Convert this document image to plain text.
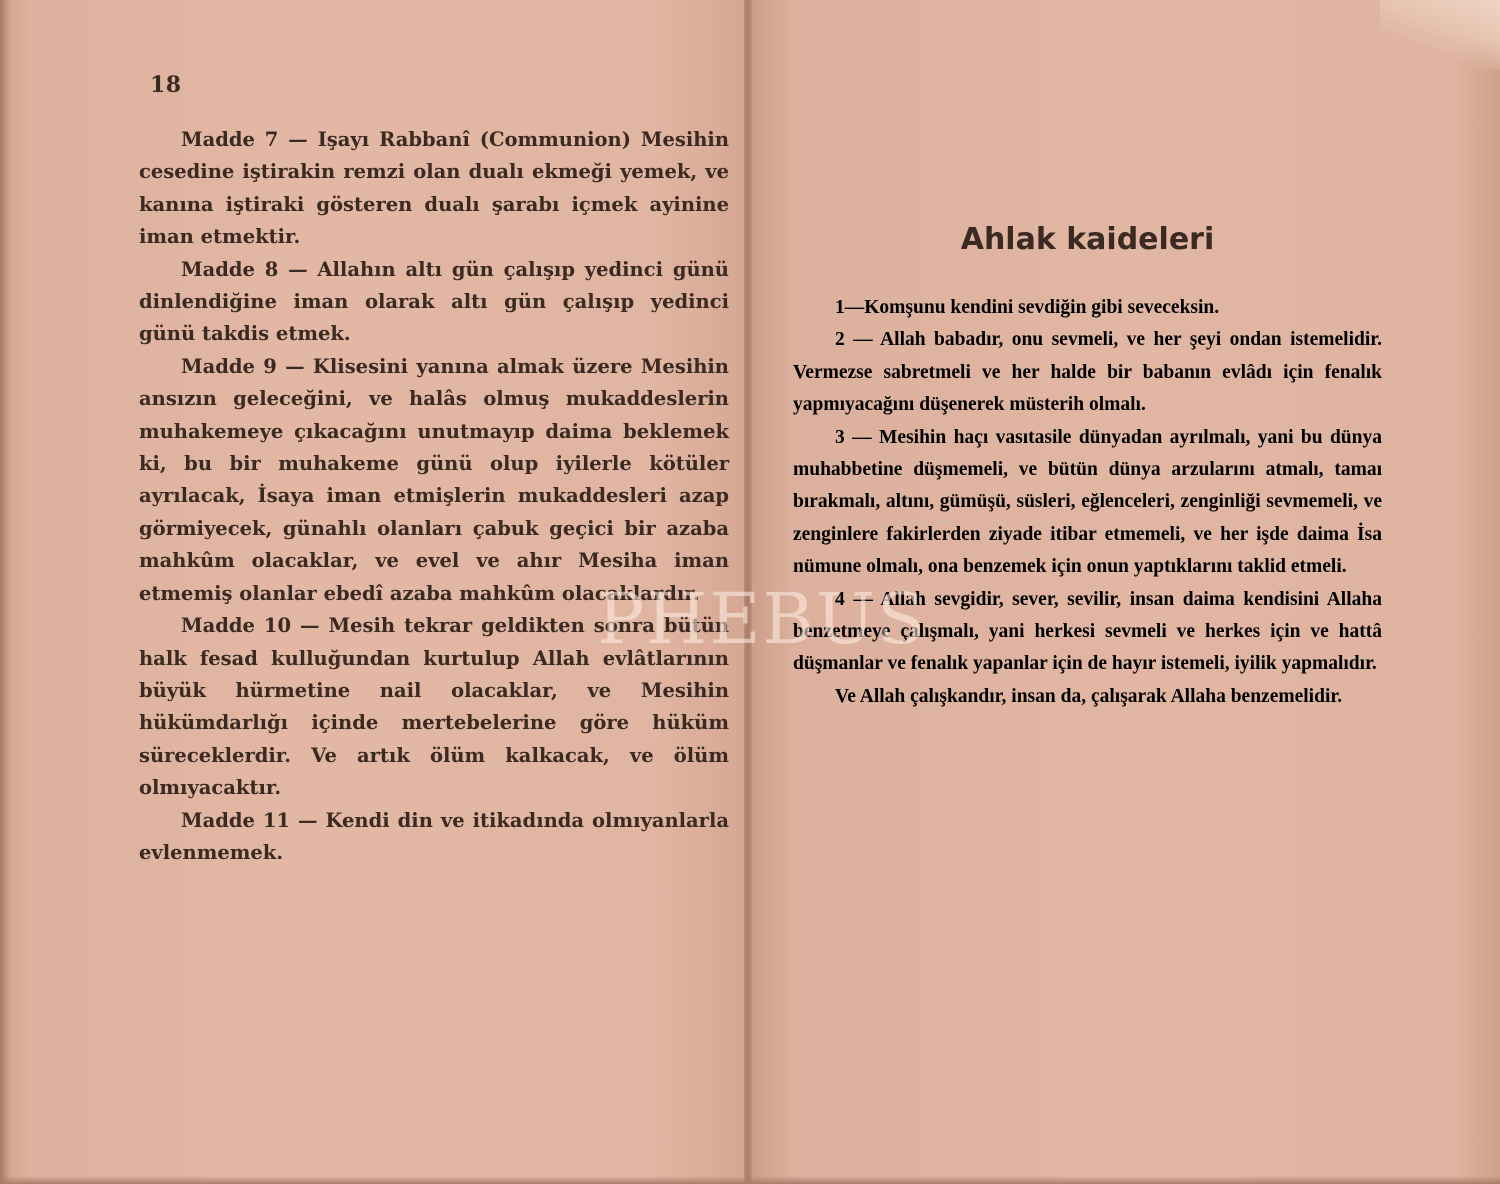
18

Madde 7 — Işayı Rabbanî (Communion) Mesihin cesedine iştirakin remzi olan dualı ekmeği yemek, ve kanına iştiraki gösteren dualı şarabı içmek ayinine iman etmektir.

Madde 8 — Allahın altı gün çalışıp yedinci günü dinlendiğine iman olarak altı gün çalışıp yedinci günü takdis etmek.

Madde 9 — Klisesini yanına almak üzere Mesihin ansızın geleceğini, ve halâs olmuş mukaddeslerin muhakemeye çıkacağını unutmayıp daima beklemek ki, bu bir muhakeme günü olup iyilerle kötüler ayrılacak, İsaya iman etmişlerin mukaddesleri azap görmiyecek, günahlı olanları çabuk geçici bir azaba mahkûm olacaklar, ve evel ve ahır Mesiha iman etmemiş olanlar ebedî azaba mahkûm olacaklardır.

Madde 10 — Mesih tekrar geldikten sonra bütün halk fesad kulluğundan kurtulup Allah evlâtlarının büyük hürmetine nail olacaklar, ve Mesihin hükümdarlığı içinde mertebelerine göre hüküm süreceklerdir. Ve artık ölüm kalkacak, ve ölüm olmıyacaktır.

Madde 11 — Kendi din ve itikadında olmıyanlarla evlenmemek.

Ahlak kaideleri

1—Komşunu kendini sevdiğin gibi seveceksin.

2 — Allah babadır, onu sevmeli, ve her şeyi ondan istemelidir. Vermezse sabretmeli ve her halde bir babanın evlâdı için fenalık yapmıyacağını düşenerek müsterih olmalı.

3 — Mesihin haçı vasıtasile dünyadan ayrılmalı, yani bu dünya muhabbetine düşmemeli, ve bütün dünya arzularını atmalı, tamaı bırakmalı, altını, gümüşü, süsleri, eğlenceleri, zenginliği sevmemeli, ve zenginlere fakirlerden ziyade itibar etmemeli, ve her işde daima İsa nümune olmalı, ona benzemek için onun yaptıklarını taklid etmeli.

4 — Allah sevgidir, sever, sevilir, insan daima kendisini Allaha benzetmeye çalışmalı, yani herkesi sevmeli ve herkes için ve hattâ düşmanlar ve fenalık yapanlar için de hayır istemeli, iyilik yapmalıdır.

Ve Allah çalışkandır, insan da, çalışarak Allaha benzemelidir.

PHEBUS
